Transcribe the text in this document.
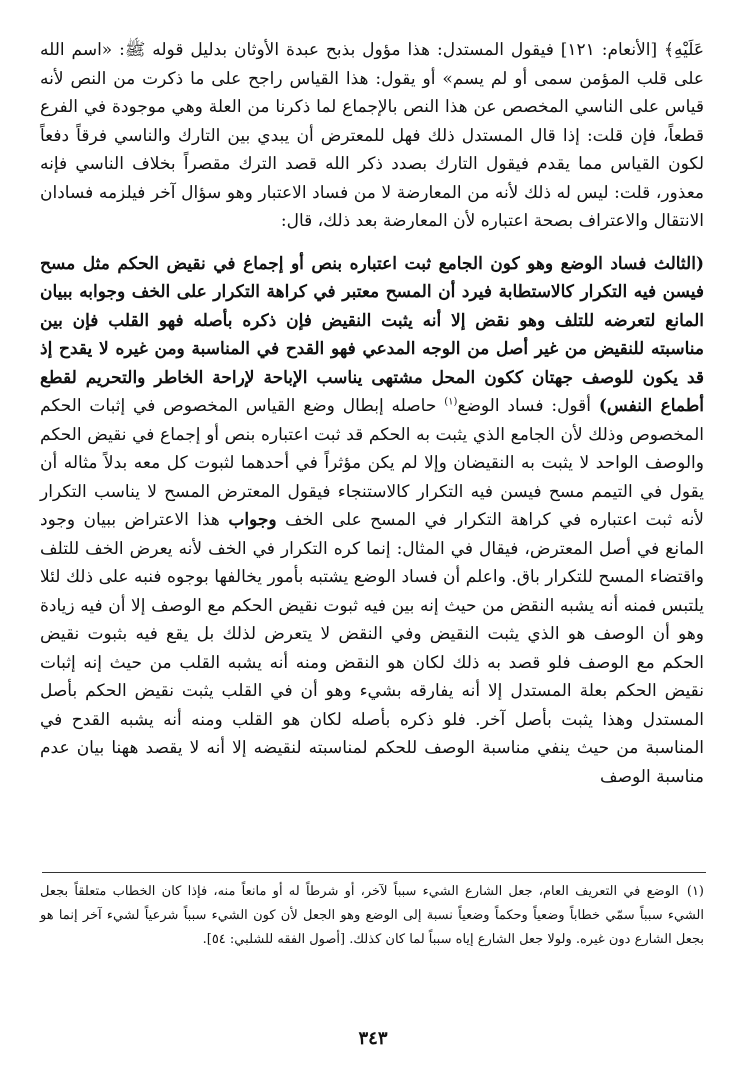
عَلَيْهِ﴾ [الأنعام: ١٢١] فيقول المستدل: هذا مؤول بذبح عبدة الأوثان بدليل قوله ﷺ: «اسم الله على قلب المؤمن سمى أو لم يسم» أو يقول: هذا القياس راجح على ما ذكرت من النص لأنه قياس على الناسي المخصص عن هذا النص بالإجماع لما ذكرنا من العلة وهي موجودة في الفرع قطعاً، فإن قلت: إذا قال المستدل ذلك فهل للمعترض أن يبدي بين التارك والناسي فرقاً دفعاً لكون القياس مما يقدم فيقول التارك بصدد ذكر الله قصد الترك مقصراً بخلاف الناسي فإنه معذور، قلت: ليس له ذلك لأنه من المعارضة لا من فساد الاعتبار وهو سؤال آخر فيلزمه فسادان الانتقال والاعتراف بصحة اعتباره لأن المعارضة بعد ذلك، قال:

(الثالث فساد الوضع وهو كون الجامع ثبت اعتباره بنص أو إجماع في نقيض الحكم مثل مسح فيسن فيه التكرار كالاستطابة فيرد أن المسح معتبر في كراهة التكرار على الخف وجوابه ببيان المانع لتعرضه للتلف وهو نقض إلا أنه يثبت النقيض فإن ذكره بأصله فهو القلب فإن بين مناسبته للنقيض من غير أصل من الوجه المدعي فهو القدح في المناسبة ومن غيره لا يقدح إذ قد يكون للوصف جهتان ككون المحل مشتهى يناسب الإباحة لإراحة الخاطر والتحريم لقطع أطماع النفس) أقول: فساد الوضع$^{(١)}$ حاصله إبطال وضع القياس المخصوص في إثبات الحكم المخصوص وذلك لأن الجامع الذي يثبت به الحكم قد ثبت اعتباره بنص أو إجماع في نقيض الحكم والوصف الواحد لا يثبت به النقيضان وإلا لم يكن مؤثراً في أحدهما لثبوت كل معه بدلاً مثاله أن يقول في التيمم مسح فيسن فيه التكرار كالاستنجاء فيقول المعترض المسح لا يناسب التكرار لأنه ثبت اعتباره في كراهة التكرار في المسح على الخف وجواب هذا الاعتراض ببيان وجود المانع في أصل المعترض، فيقال في المثال: إنما كره التكرار في الخف لأنه يعرض الخف للتلف واقتضاء المسح للتكرار باق. واعلم أن فساد الوضع يشتبه بأمور يخالفها بوجوه فنبه على ذلك لئلا يلتبس فمنه أنه يشبه النقض من حيث إنه بين فيه ثبوت نقيض الحكم مع الوصف إلا أن فيه زيادة وهو أن الوصف هو الذي يثبت النقيض وفي النقض لا يتعرض لذلك بل يقع فيه بثبوت نقيض الحكم مع الوصف فلو قصد به ذلك لكان هو النقض ومنه أنه يشبه القلب من حيث إنه إثبات نقيض الحكم بعلة المستدل إلا أنه يفارقه بشيء وهو أن في القلب يثبت نقيض الحكم بأصل المستدل وهذا يثبت بأصل آخر. فلو ذكره بأصله لكان هو القلب ومنه أنه يشبه القدح في المناسبة من حيث ينفي مناسبة الوصف للحكم لمناسبته لنقيضه إلا أنه لا يقصد ههنا بيان عدم مناسبة الوصف

(١)الوضع في التعريف العام، جعل الشارع الشيء سبباً لآخر، أو شرطاً له أو مانعاً منه، فإذا كان الخطاب متعلقاً بجعل الشيء سبباً سمّي خطاباً وضعياً وحكماً وضعياً نسبة إلى الوضع وهو الجعل لأن كون الشيء سبباً شرعياً لشيء آخر إنما هو بجعل الشارع دون غيره. ولولا جعل الشارع إياه سبباً لما كان كذلك. [أصول الفقه للشلبي: ٥٤].
٣٤٣
